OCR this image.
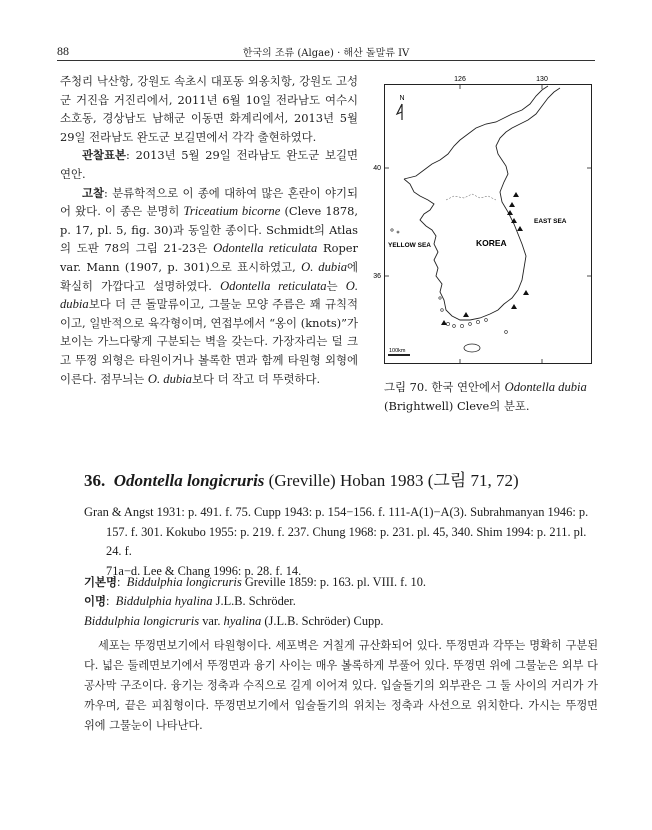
88	한국의 조류 (Algae) · 해산 돌말류 IV

주청리 낙산항, 강원도 속초시 대포동 외옹치항, 강원도 고성군 거진읍 거진리에서, 2011년 6월 10일 전라남도 여수시 소호동, 경상남도 남해군 이동면 화계리에서, 2013년 5월 29일 전라남도 완도군 보길면에서 각각 출현하였다.

관찰표본: 2013년 5월 29일 전라남도 완도군 보길면 연안.

고찰: 분류학적으로 이 종에 대하여 많은 혼란이 야기되어 왔다. 이 종은 분명히 Triceatium bicorne (Cleve 1878, p. 17, pl. 5, fig. 30)과 동일한 종이다. Schmidt의 Atlas의 도판 78의 그림 21-23은 Odontella reticulata Roper var. Mann (1907, p. 301)으로 표시하였고, O. dubia에 확실히 가깝다고 설명하였다. Odontella reticulata는 O. dubia보다 더 큰 돌말류이고, 그물눈 모양 주름은 꽤 규칙적이고, 일반적으로 육각형이며, 연접부에서 “옹이 (knots)”가 보이는 가느다랗게 구분되는 벽을 갖는다. 가장자리는 덜 크고 뚜껑 외형은 타원이거나 볼록한 면과 함께 타원형 외형에 이른다. 점무늬는 O. dubia보다 더 작고 더 뚜렷하다.

126	130
40
36
N
EAST SEA
YELLOW SEA	KOREA
100km
그림 70. 한국 연안에서 Odontella dubia (Brightwell) Cleve의 분포.
36. Odontella longicruris (Greville) Hoban 1983 (그림 71, 72)
Gran & Angst 1931: p. 491. f. 75. Cupp 1943: p. 154−156. f. 111-A(1)−A(3). Subrahmanyan 1946: p.
157. f. 301. Kokubo 1955: p. 219. f. 237. Chung 1968: p. 231. pl. 45, 340. Shim 1994: p. 211. pl. 24. f.
71a−d. Lee & Chang 1996: p. 28. f. 14.
기본명:  Biddulphia longicruris Greville 1859: p. 163. pl. VIII. f. 10.
이명:  Biddulphia hyalina J.L.B. Schröder.
Biddulphia longicruris var. hyalina (J.L.B. Schröder) Cupp.
세포는 뚜껑면보기에서 타원형이다. 세포벽은 거칠게 규산화되어 있다. 뚜껑면과 각뚜는 명확히 구분된다. 넓은 둘레면보기에서 뚜껑면과 융기 사이는 매우 볼록하게 부풀어 있다. 뚜껑면 위에 그물눈은 외부 다공사막 구조이다. 융기는 정축과 수직으로 길게 이어져 있다. 입술돌기의 외부관은 그 둘 사이의 거리가 가까우며, 끝은 피침형이다. 뚜껑면보기에서 입술돌기의 위치는 정축과 사선으로 위치한다. 가시는 뚜껑면 위에 그물눈이 나타난다.
